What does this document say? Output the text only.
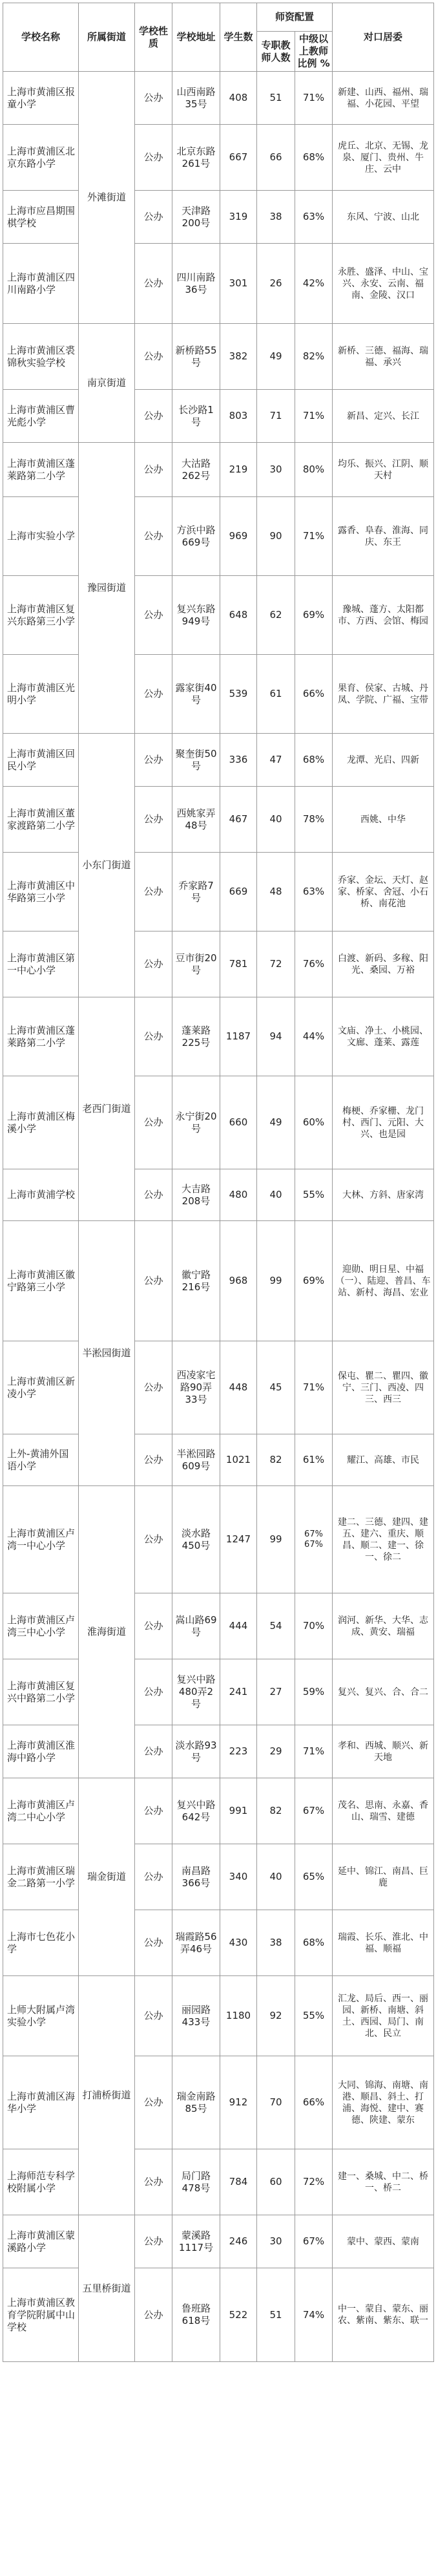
学校名称	所属街道	学校性质	学校地址	学生数	师资配置		对口居委
					专职教师人数	中级以上教师比例 %	
上海市黄浦区报童小学	外滩街道	公办	山西南路35号	408	51	71%	新建、山西、福州、瑞福、小花园、平望
上海市黄浦区北京东路小学		公办	北京东路261号	667	66	68%	虎丘、北京、无锡、龙泉、厦门、贵州、牛庄、云中
上海市应昌期围棋学校		公办	天津路200号	319	38	63%	东风、宁波、山北
上海市黄浦区四川南路小学		公办	四川南路36号	301	26	42%	永胜、盛泽、中山、宝兴、永安、云南、福南、金陵、汉口
上海市黄浦区裘锦秋实验学校	南京街道	公办	新桥路55号	382	49	82%	新桥、三德、福海、瑞福、承兴
上海市黄浦区曹光彪小学		公办	长沙路1号	803	71	71%	新昌、定兴、长江
上海市黄浦区蓬莱路第二小学	豫园街道	公办	大沽路262号	219	30	80%	均乐、振兴、江阴、顺天村
上海市实验小学		公办	方浜中路669号	969	90	71%	露香、阜春、淮海、同庆、东王
上海市黄浦区复兴东路第三小学		公办	复兴东路949号	648	62	69%	豫城、蓬方、太阳都市、方西、会馆、梅园
上海市黄浦区光明小学		公办	露家街40号	539	61	66%	果育、侯家、古城、丹凤、学院、广福、宝带
上海市黄浦区回民小学	小东门街道	公办	聚奎街50号	336	47	68%	龙潭、光启、四新
上海市黄浦区董家渡路第二小学		公办	西姚家弄48号	467	40	78%	西姚、中华
上海市黄浦区中华路第三小学		公办	乔家路7号	669	48	63%	乔家、金坛、天灯、赵家、桥家、舍冠、小石桥、南花池
上海市黄浦区第一中心小学		公办	豆市街20号	781	72	76%	白渡、新码、多稼、阳光、桑园、万裕
上海市黄浦区蓬莱路第二小学	老西门街道	公办	蓬莱路225号	1187	94	44%	文庙、净土、小桃园、文廊、蓬莱、露莲
上海市黄浦区梅溪小学		公办	永宁街20号	660	49	60%	梅梗、乔家栅、龙门村、西门、元阳、大兴、也是园
上海市黄浦学校		公办	大吉路208号	480	40	55%	大林、方斜、唐家湾
上海市黄浦区徽宁路第三小学	半淞园街道	公办	徽宁路216号	968	99	69%	迎勋、明日星、中福（一）、陆迎、普昌、车站、新村、海昌、宏业
上海市黄浦区新凌小学		公办	西凌家宅路90弄33号	448	45	71%	保屯、瞿二、瞿四、徽宁、三门、西凌、四三、西三
上外-黄浦外国语小学		公办	半淞园路609号	1021	82	61%	耀江、高雄、市民
上海市黄浦区卢湾一中心小学	淮海街道	公办	淡水路450号	1247	99	67% 67%	建二、三德、建四、建五、建六、重庆、顺昌、顺二、建一、徐一、徐二
上海市黄浦区卢湾三中心小学		公办	嵩山路69号	444	54	70%	润河、新华、大华、志成、黄安、瑞福
上海市黄浦区复兴中路第二小学		公办	复兴中路480弄2号	241	27	59%	复兴、复兴、合、合二
上海市黄浦区淮海中路小学		公办	淡水路93号	223	29	71%	孝和、西城、顺兴、新天地
上海市黄浦区卢湾二中心小学	瑞金街道	公办	复兴中路642号	991	82	67%	茂名、思南、永嘉、香山、瑞雪、建德
上海市黄浦区瑞金二路第一小学		公办	南昌路366号	340	40	65%	延中、锦江、南昌、巨鹿
上海市七色花小学		公办	瑞霞路56弄46号	430	38	68%	瑞霞、长乐、淮北、中福、顺福
上师大附属卢湾实验小学	打浦桥街道	公办	丽园路433号	1180	92	55%	汇龙、局后、西一、丽园、新桥、南塘、斜土、西园、局门、南北、民立
上海市黄浦区海华小学		公办	瑞金南路85号	912	70	66%	大同、锦海、南塘、南港、顺昌、斜土、打浦、海悦、建中、赛德、陕建、蒙东
上海师范专科学校附属小学		公办	局门路478号	784	60	72%	建一、桑城、中二、桥一、桥二
上海市黄浦区蒙溪路小学	五里桥街道	公办	蒙溪路1117号	246	30	67%	蒙中、蒙西、蒙南
上海市黄浦区教育学院附属中山学校		公办	鲁班路618号	522	51	74%	中一、蒙自、蒙东、丽农、紫南、紫东、联一
